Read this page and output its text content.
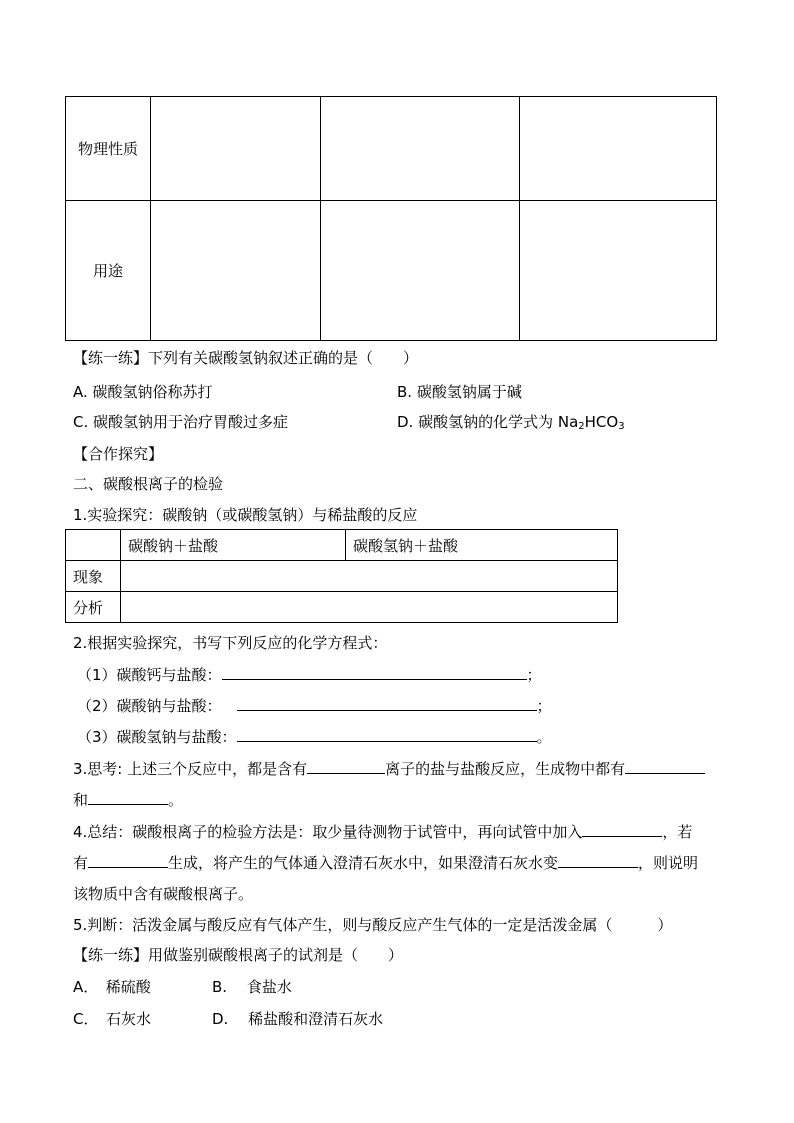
物理性质			
用途			
【练一练】下列有关碳酸氢钠叙述正确的是（　　）
A. 碳酸氢钠俗称苏打	B. 碳酸氢钠属于碱
C. 碳酸氢钠用于治疗胃酸过多症	D. 碳酸氢钠的化学式为 $Na_2HCO_3$
【合作探究】
二、碳酸根离子的检验
1.实验探究：碳酸钠（或碳酸氢钠）与稀盐酸的反应
	碳酸钠＋盐酸	碳酸氢钠＋盐酸
现象		
分析		
2.根据实验探究，书写下列反应的化学方程式：
（1）碳酸钙与盐酸：	；
（2）碳酸钠与盐酸：	；
（3）碳酸氢钠与盐酸：	。
3.思考: 上述三个反应中，都是含有	离子的盐与盐酸反应，生成物中都有
和	。
4.总结：碳酸根离子的检验方法是：取少量待测物于试管中，再向试管中加入	，若
有	生成，将产生的气体通入澄清石灰水中，如果澄清石灰水变	，则说明
该物质中含有碳酸根离子。
5.判断：活泼金属与酸反应有气体产生，则与酸反应产生气体的一定是活泼金属（　　　）
【练一练】用做鉴别碳酸根离子的试剂是（　　）
A．　稀硫酸	B.　 食盐水
C．　石灰水	D.　 稀盐酸和澄清石灰水
